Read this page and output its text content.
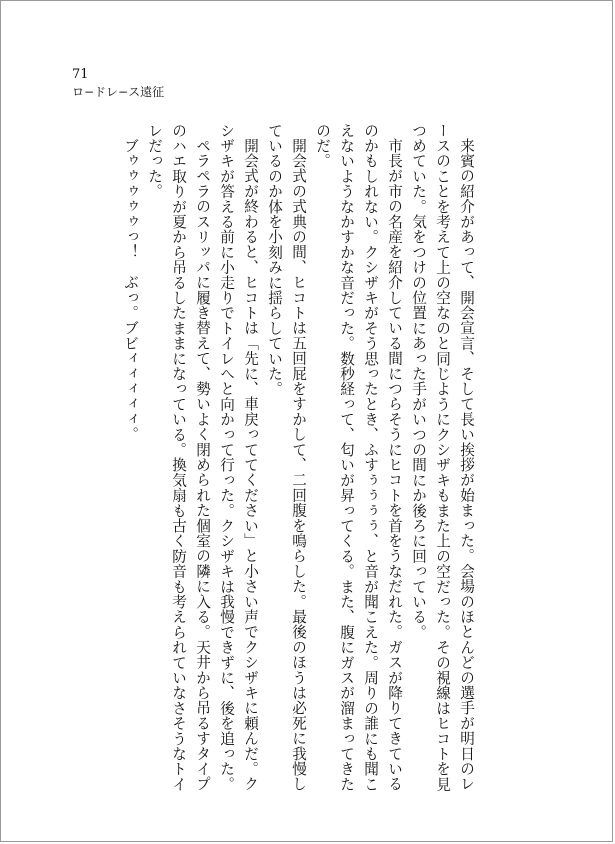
71
ロ−ドレ−ス遠征

来賓の紹介があって、開会宣言、そして長い挨拶が始まった。会場のほとんどの選手が明日のレースのことを考えて上の空なのと同じようにクシザキもまた上の空だった。その視線はヒコトを見つめていた。気をつけの位置にあった手がいつの間にか後ろに回っている。

市長が市の名産を紹介している間につらそうにヒコトを首をうなだれた。ガスが降りてきているのかもしれない。クシザキがそう思ったとき、ふすぅぅぅぅ、と音が聞こえた。周りの誰にも聞こえないようなかすかな音だった。数秒経って、匂いが昇ってくる。また、腹にガスが溜まってきたのだ。

開会式の式典の間、ヒコトは五回屁をすかして、二回腹を鳴らした。最後のほうは必死に我慢しているのか体を小刻みに揺らしていた。

開会式が終わると、ヒコトは「先に、車戻っててください」と小さい声でクシザキに頼んだ。クシザキが答える前に小走りでトイレへと向かって行った。クシザキは我慢できずに、後を追った。

ペラペラのスリッパに履き替えて、勢いよく閉められた個室の隣に入る。天井から吊るすタイプのハエ取りが夏から吊るしたままになっている。換気扇も古く防音も考えられていなさそうなトイレだった。

ブゥゥゥゥゥっ！　ぶっ。ブビィィィィィ。
